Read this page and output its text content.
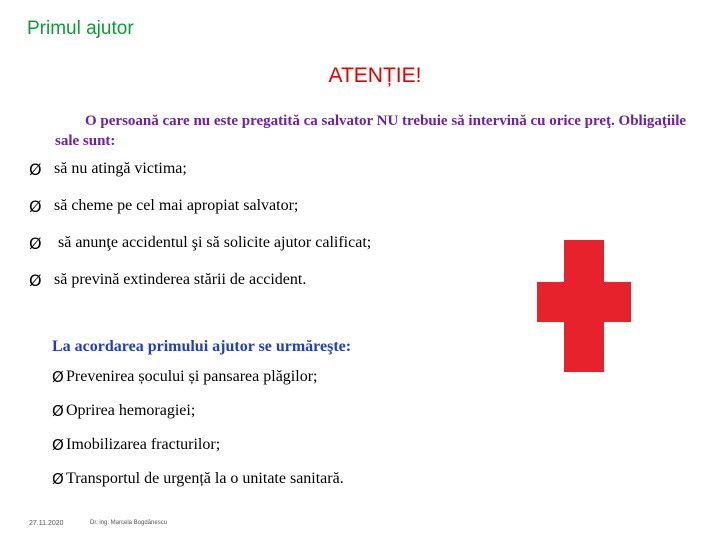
Primul ajutor
ATENȚIE!
O persoană care nu este pregatită ca salvator NU trebuie să intervină cu orice preţ. Obligaţiile sale sunt:
Ø să nu atingă victima;
Ø să cheme pe cel mai apropiat salvator;
Ø să anunţe accidentul şi să solicite ajutor calificat;
Ø să prevină extinderea stării de accident.
La acordarea primului ajutor se urmăreşte:
Ø Prevenirea șocului și pansarea plăgilor;
Ø Oprirea hemoragiei;
Ø Imobilizarea fracturilor;
Ø Transportul de urgență la o unitate sanitară.
27.11.2020	Dr. ing. Marcela Bogdănescu
